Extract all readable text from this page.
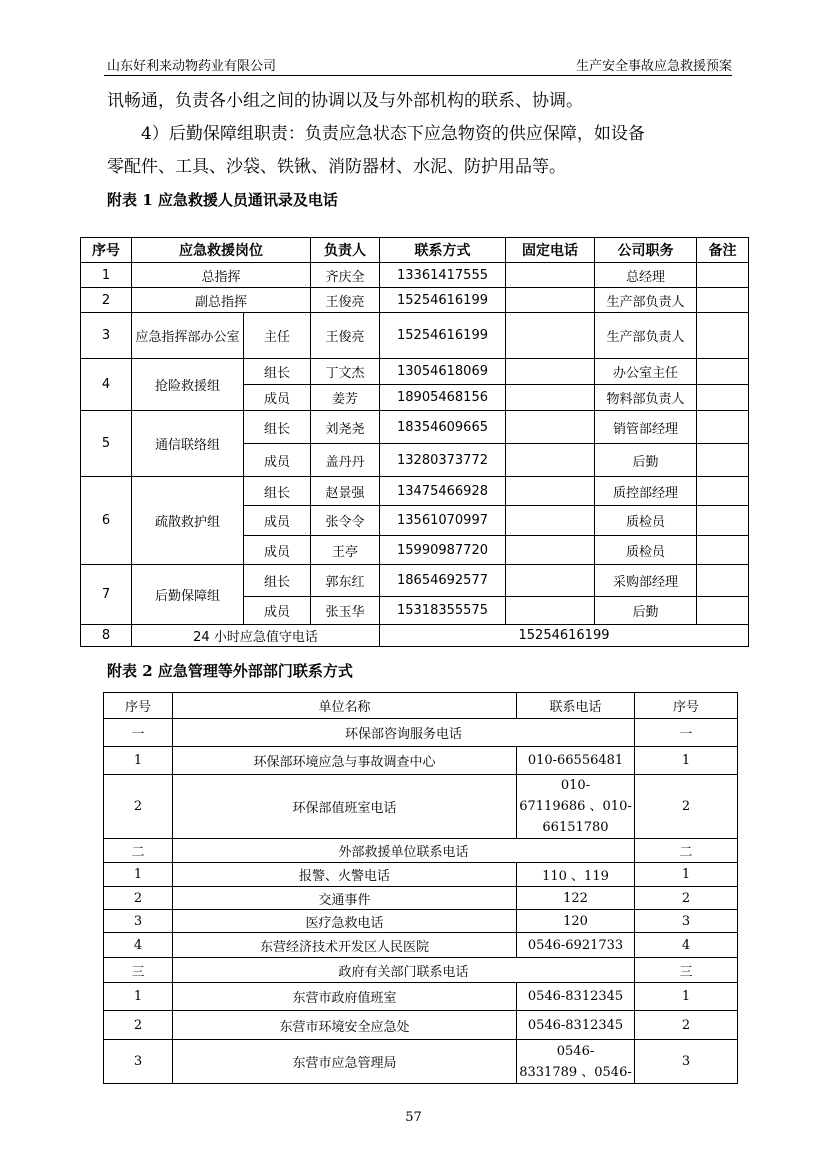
山东好利来动物药业有限公司	生产安全事故应急救援预案
讯畅通，负责各小组之间的协调以及与外部机构的联系、协调。
4）后勤保障组职责：负责应急状态下应急物资的供应保障，如设备
零配件、工具、沙袋、铁锹、消防器材、水泥、防护用品等。
附表 1 应急救援人员通讯录及电话
序号	应急救援岗位		负责人	联系方式	固定电话	公司职务	备注
1	总指挥		齐庆全	13361417555		总经理	
2	副总指挥		王俊亮	15254616199		生产部负责人	
3	应急指挥部办公室	主任	王俊亮	15254616199		生产部负责人	
4	抢险救援组	组长	丁文杰	13054618069		办公室主任	
		成员	姜芳	18905468156		物料部负责人	
5	通信联络组	组长	刘尧尧	18354609665		销管部经理	
		成员	盖丹丹	13280373772		后勤	
6	疏散救护组	组长	赵景强	13475466928		质控部经理	
		成员	张令令	13561070997		质检员	
		成员	王亭	15990987720		质检员	
7	后勤保障组	组长	郭东红	18654692577		采购部经理	
		成员	张玉华	15318355575		后勤	
8	24 小时应急值守电话			15254616199			
附表 2 应急管理等外部部门联系方式
序号	单位名称	联系电话	序号
一	环保部咨询服务电话		一
1	环保部环境应急与事故调查中心	010-66556481	1
2	环保部值班室电话	010-
67119686 、010-
66151780	2
二	外部救援单位联系电话		二
1	报警、火警电话	110 、119	1
2	交通事件	122	2
3	医疗急救电话	120	3
4	东营经济技术开发区人民医院	0546-6921733	4
三	政府有关部门联系电话		三
1	东营市政府值班室	0546-8312345	1
2	东营市环境安全应急处	0546-8312345	2
3	东营市应急管理局	0546-
8331789 、0546-	3
57
